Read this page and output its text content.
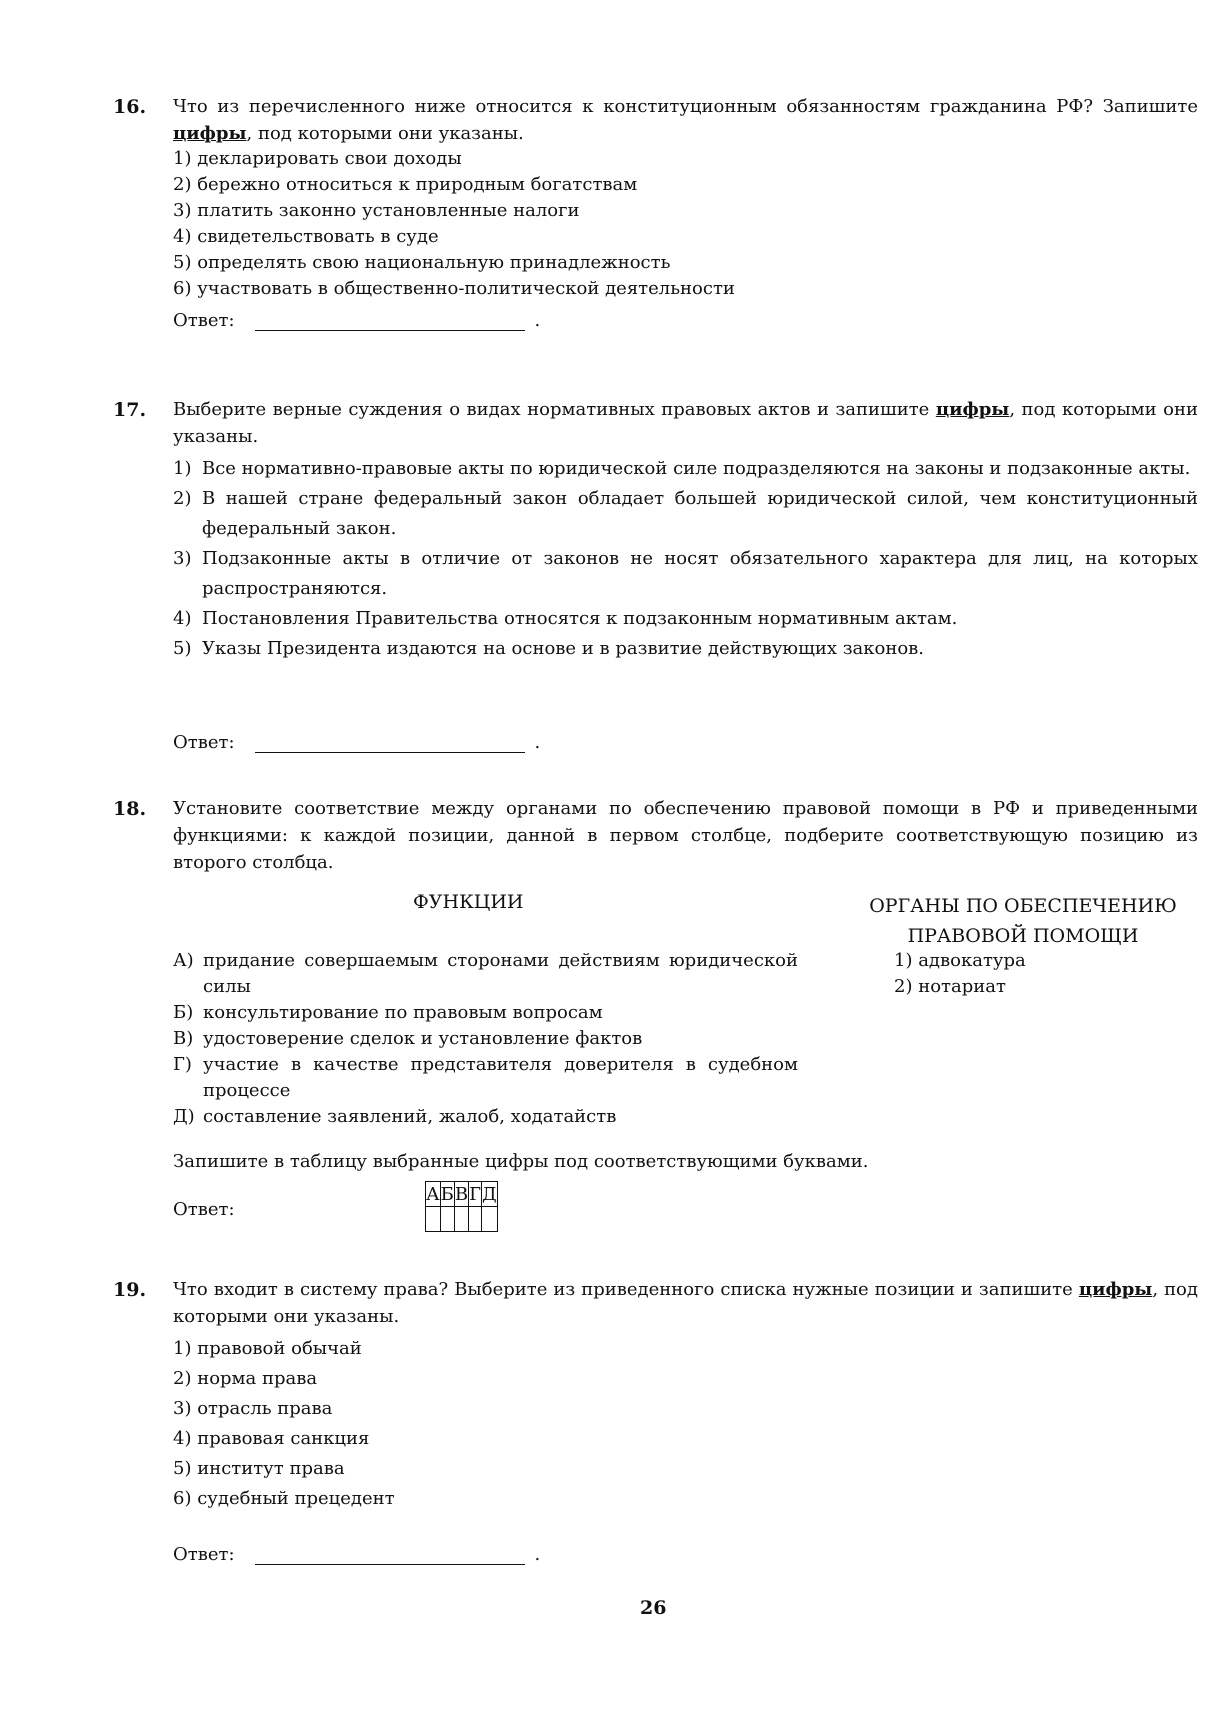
16. Что из перечисленного ниже относится к конституционным обязанностям гражданина РФ? Запишите цифры, под которыми они указаны.
1) декларировать свои доходы
2) бережно относиться к природным богатствам
3) платить законно установленные налоги
4) свидетельствовать в суде
5) определять свою национальную принадлежность
6) участвовать в общественно-политической деятельности
Ответ:	.
17. Выберите верные суждения о видах нормативных правовых актов и запишите цифры, под которыми они указаны.
1) Все нормативно-правовые акты по юридической силе подразделяются на законы и подзаконные акты.
2) В нашей стране федеральный закон обладает большей юридической силой, чем конституционный федеральный закон.
3) Подзаконные акты в отличие от законов не носят обязательного характера для лиц, на которых распространяются.
4) Постановления Правительства относятся к подзаконным нормативным актам.
5) Указы Президента издаются на основе и в развитие действующих законов.
Ответ:	.
18. Установите соответствие между органами по обеспечению правовой помощи в РФ и приведенными функциями: к каждой позиции, данной в первом столбце, подберите соответствующую позицию из второго столбца.
ФУНКЦИИ	ОРГАНЫ ПО ОБЕСПЕЧЕНИЮ ПРАВОВОЙ ПОМОЩИ
А) придание совершаемым сторонами действиям юридической силы
Б) консультирование по правовым вопросам
В) удостоверение сделок и установление фактов
Г) участие в качестве представителя доверителя в судебном процессе
Д) составление заявлений, жалоб, ходатайств
1) адвокатура
2) нотариат
Запишите в таблицу выбранные цифры под соответствующими буквами.
Ответ:
А	Б	В	Г	Д

19. Что входит в систему права? Выберите из приведенного списка нужные позиции и запишите цифры, под которыми они указаны.
1) правовой обычай
2) норма права
3) отрасль права
4) правовая санкция
5) институт права
6) судебный прецедент
Ответ:	.
26
